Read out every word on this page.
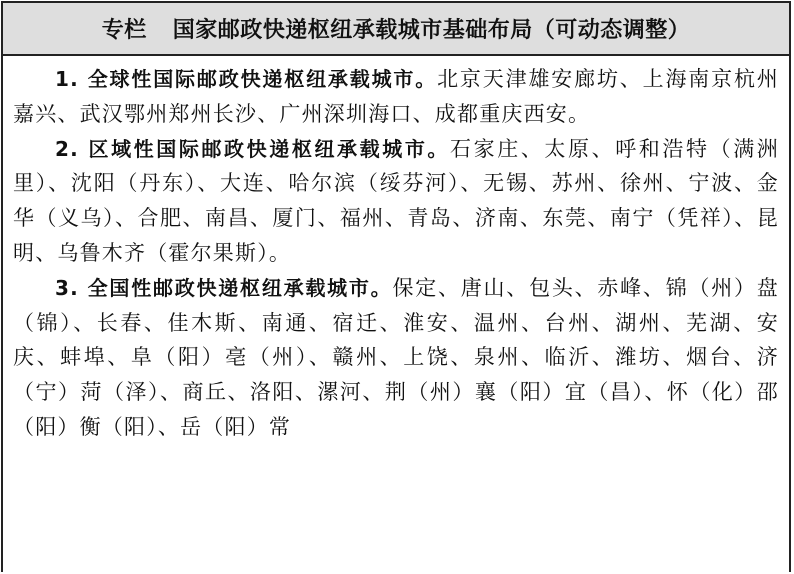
专栏 国家邮政快递枢纽承载城市基础布局（可动态调整）

1. 全球性国际邮政快递枢纽承载城市。北京天津雄安廊坊、上海南京杭州嘉兴、武汉鄂州郑州长沙、广州深圳海口、成都重庆西安。

2. 区域性国际邮政快递枢纽承载城市。石家庄、太原、呼和浩特（满洲里）、沈阳（丹东）、大连、哈尔滨（绥芬河）、无锡、苏州、徐州、宁波、金华（义乌）、合肥、南昌、厦门、福州、青岛、济南、东莞、南宁（凭祥）、昆明、乌鲁木齐（霍尔果斯）。

3. 全国性邮政快递枢纽承载城市。保定、唐山、包头、赤峰、锦（州）盘（锦）、长春、佳木斯、南通、宿迁、淮安、温州、台州、湖州、芜湖、安庆、蚌埠、阜（阳）亳（州）、赣州、上饶、泉州、临沂、潍坊、烟台、济（宁）菏（泽）、商丘、洛阳、漯河、荆（州）襄（阳）宜（昌）、怀（化）邵（阳）衡（阳）、岳（阳）常
